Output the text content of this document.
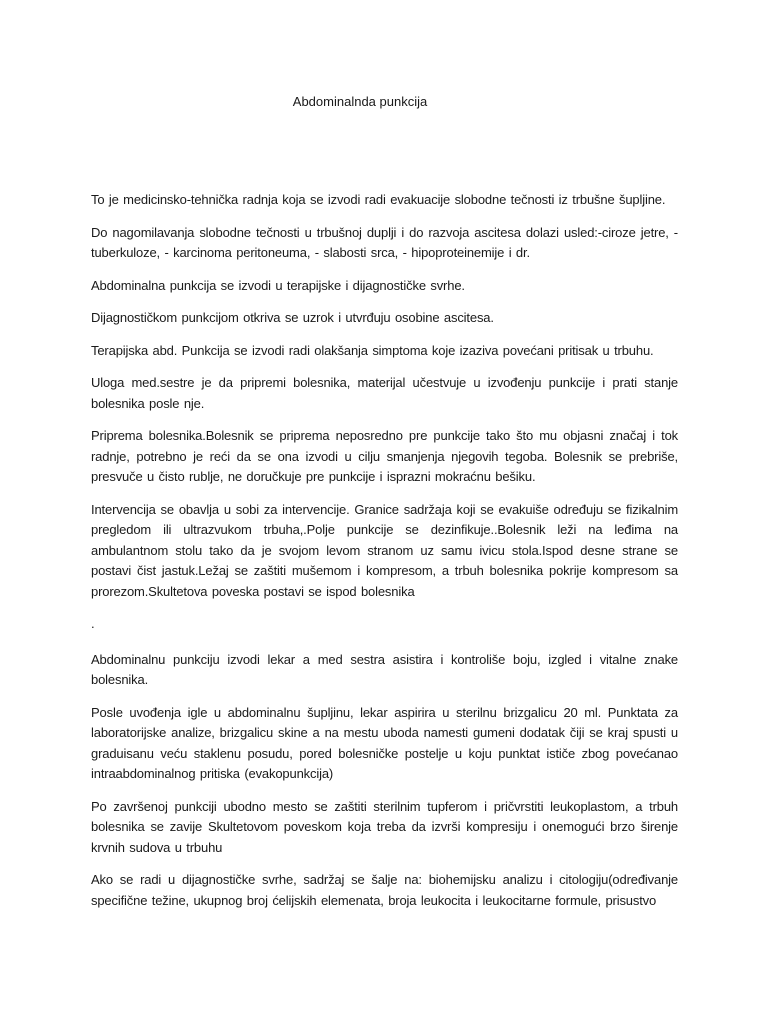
Abdominalnda punkcija

To je medicinsko-tehnička radnja koja se izvodi radi evakuacije slobodne tečnosti iz trbušne šupljine.

Do nagomilavanja slobodne tečnosti u trbušnoj duplji i do razvoja ascitesa dolazi usled:-ciroze jetre, - tuberkuloze, - karcinoma peritoneuma, - slabosti srca, - hipoproteinemije i dr.

Abdominalna punkcija se izvodi u terapijske i dijagnostičke svrhe.

Dijagnostičkom punkcijom otkriva se uzrok i utvrđuju osobine ascitesa.

Terapijska abd. Punkcija se izvodi radi olakšanja simptoma koje izaziva povećani pritisak u trbuhu.

Uloga med.sestre je da pripremi bolesnika, materijal učestvuje u izvođenju punkcije i prati stanje bolesnika posle nje.

Priprema bolesnika.Bolesnik se priprema neposredno pre punkcije tako što mu objasni značaj i tok radnje, potrebno je reći da se ona izvodi u cilju smanjenja njegovih tegoba. Bolesnik se prebriše, presvuče u čisto rublje, ne doručkuje pre punkcije i isprazni mokraćnu bešiku.

Intervencija se obavlja u sobi za intervencije. Granice sadržaja koji se evakuiše određuju se fizikalnim pregledom ili ultrazvukom trbuha,.Polje punkcije se dezinfikuje..Bolesnik leži na leđima na ambulantnom stolu tako da je svojom levom stranom uz samu ivicu stola.Ispod desne strane se postavi čist jastuk.Ležaj se zaštiti mušemom i kompresom, a trbuh bolesnika pokrije kompresom sa prorezom.Skultetova poveska postavi se ispod bolesnika

.

Abdominalnu punkciju izvodi lekar a med sestra asistira i kontroliše boju, izgled i vitalne znake bolesnika.

Posle uvođenja igle u abdominalnu šupljinu, lekar aspirira u sterilnu brizgalicu 20 ml. Punktata za laboratorijske analize, brizgalicu skine a na mestu uboda namesti gumeni dodatak čiji se kraj spusti u graduisanu veću staklenu posudu, pored bolesničke postelje u koju punktat ističe zbog povećanao intraabdominalnog pritiska (evakopunkcija)

Po završenoj punkciji ubodno mesto se zaštiti sterilnim tupferom i pričvrstiti leukoplastom, a trbuh bolesnika se zavije Skultetovom poveskom koja treba da izvrši kompresiju i onemogući brzo širenje krvnih sudova u trbuhu

Ako se radi u dijagnostičke svrhe, sadržaj se šalje na: biohemijsku analizu i citologiju(određivanje specifične težine, ukupnog broj ćelijskih elemenata, broja leukocita i leukocitarne formule, prisustvo
